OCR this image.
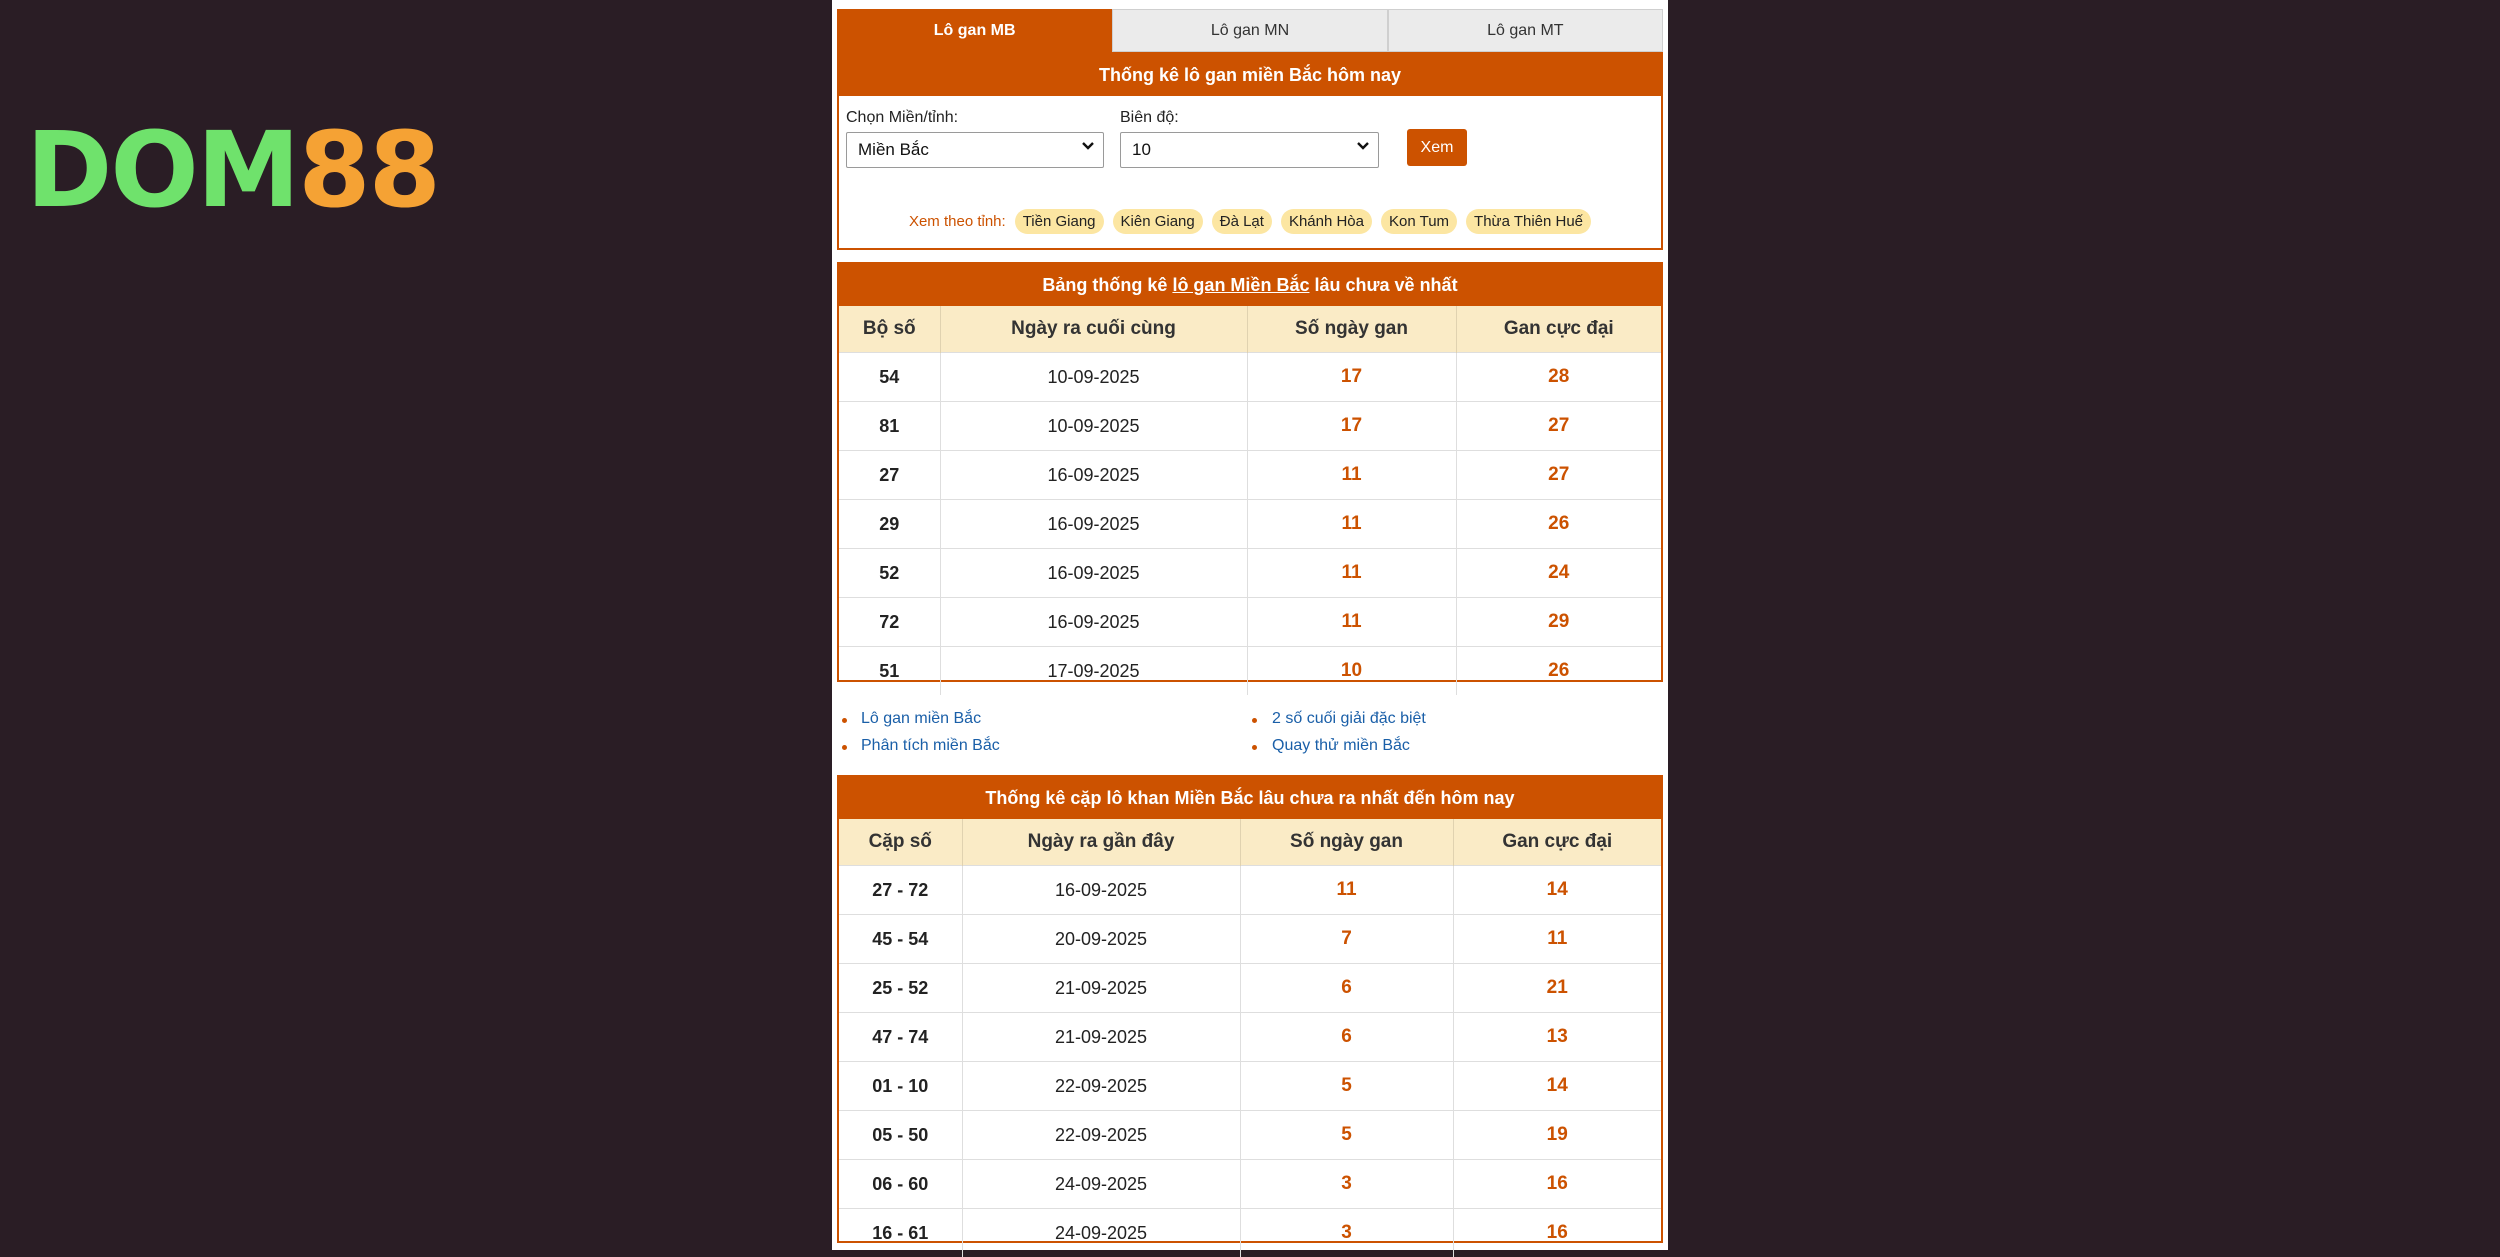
DOM88
Lô gan MB	Lô gan MN	Lô gan MT
Thống kê lô gan miền Bắc hôm nay
Chọn Miền/tỉnh:
Miền Bắc
Biên độ:
10	Xem
Xem theo tỉnh:	Tiền Giang	Kiên Giang	Đà Lạt	Khánh Hòa	Kon Tum	Thừa Thiên Huế
Bảng thống kê
lô gan Miền Bắc
lâu chưa về nhất
Bộ số	Ngày ra cuối cùng	Số ngày gan	Gan cực đại
54	10-09-2025	17	28
81	10-09-2025	17	27
27	16-09-2025	11	27
29	16-09-2025	11	26
52	16-09-2025	11	24
72	16-09-2025	11	29
51	17-09-2025	10	26
Lô gan miền Bắc	2 số cuối giải đặc biệt
Phân tích miền Bắc	Quay thử miền Bắc
Thống kê cặp lô khan Miền Bắc lâu chưa ra nhất đến hôm nay
Cặp số	Ngày ra gần đây	Số ngày gan	Gan cực đại
27 - 72	16-09-2025	11	14
45 - 54	20-09-2025	7	11
25 - 52	21-09-2025	6	21
47 - 74	21-09-2025	6	13
01 - 10	22-09-2025	5	14
05 - 50	22-09-2025	5	19
06 - 60	24-09-2025	3	16
16 - 61	24-09-2025	3	16
